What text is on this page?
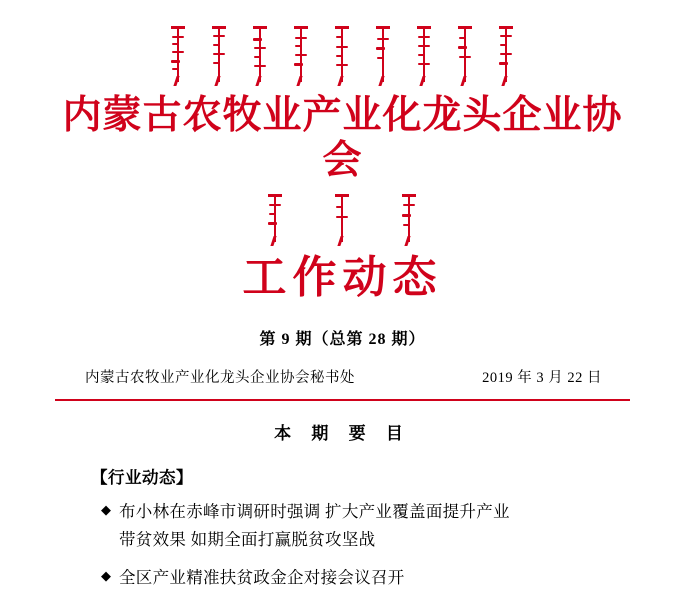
内蒙古农牧业产业化龙头企业协会
工作动态
第 9 期（总第 28 期）
内蒙古农牧业产业化龙头企业协会秘书处	2019 年 3 月 22 日
本 期 要 目
【行业动态】
◆ 布小林在赤峰市调研时强调 扩大产业覆盖面提升产业
带贫效果 如期全面打赢脱贫攻坚战
◆ 全区产业精准扶贫政金企对接会议召开
